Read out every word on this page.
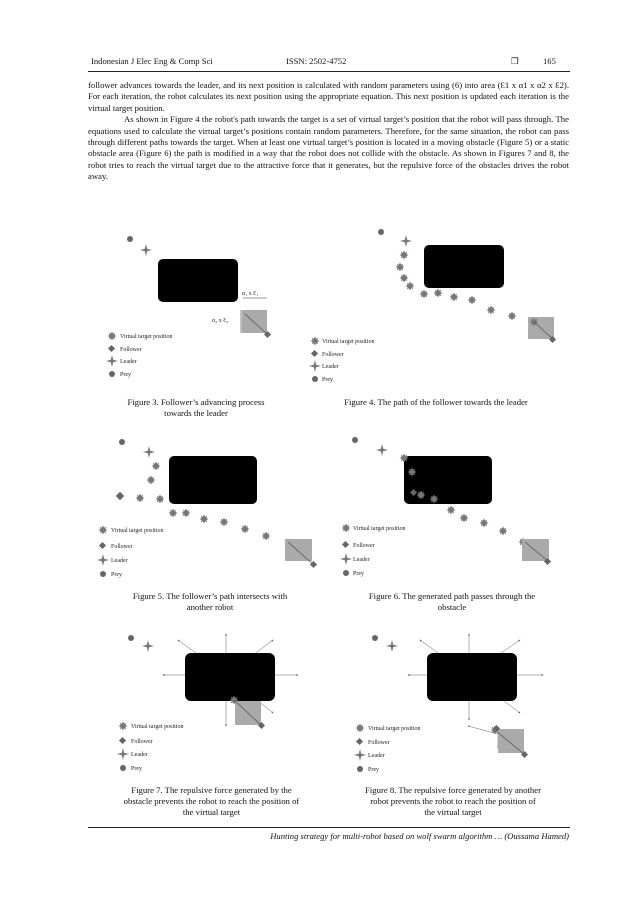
Indonesian J Elec Eng & Comp Sci	ISSN: 2502-4752	❒	165

follower advances towards the leader, and its next position is calculated with random parameters using (6) into area (Ɛ1 x α1 x α2 x Ɛ2). For each iteration, the robot calculates its next position using the appropriate equation. This next position is updated each iteration is the virtual target position.

As shown in Figure 4 the robot's path towards the target is a set of virtual target’s position that the robot will pass through. The equations used to calculate the virtual target’s positions contain random parameters. Therefore, for the same situation, the robot can pass through different paths towards the target. When at least one virtual target’s position is located in a moving obstacle (Figure 5) or a static obstacle area (Figure 6) the path is modified in a way that the robot does not collide with the obstacle. As shown in Figures 7 and 8, the robot tries to reach the virtual target due to the attractive force that it generates, but the repulsive force of the obstacles drives the robot away.

α₁ x Ɛ₁
α₂ x Ɛ₂
Virtual target position
Follower
Leader
Prey
Figure 3. Follower’s advancing process
towards the leader
Virtual target position
Follower
Leader
Prey
Figure 4. The path of the follower towards the leader
Virtual target position
Follower
Leader
Prey
Figure 5. The follower’s path intersects with
another robot
Virtual target position
Follower
Leader
Prey
Figure 6. The generated path passes through the
obstacle
Virtual target position
Follower
Leader
Prey
Figure 7. The repulsive force generated by the
obstacle prevents the robot to reach the position of
the virtual target
Virtual target position
Follower
Leader
Prey
Figure 8. The repulsive force generated by another
robot prevents the robot to reach the position of
the virtual target
Hunting strategy for multi-robot based on wolf swarm algorithm … (Oussama Hamed)
